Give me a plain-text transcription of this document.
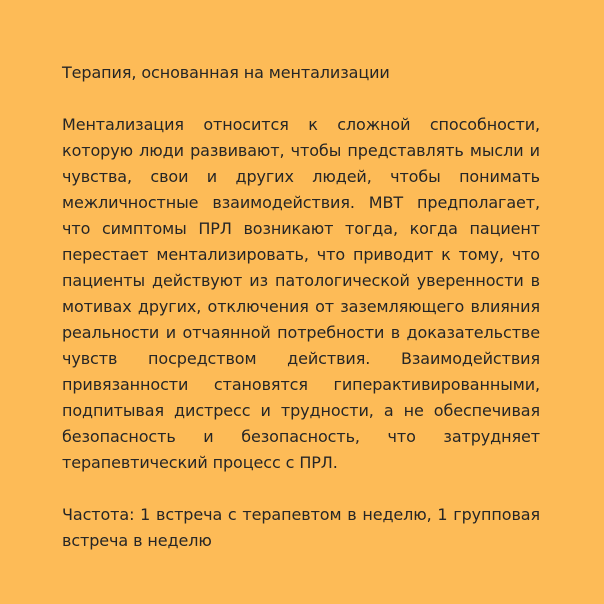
Терапия, основанная на ментализации

Ментализация относится к сложной способности, которую люди развивают, чтобы представлять мысли и чувства, свои и других людей, чтобы понимать межличностные взаимодействия. МВТ предполагает, что симптомы ПРЛ возникают тогда, когда пациент перестает ментализировать, что приводит к тому, что пациенты действуют из патологической уверенности в мотивах других, отключения от заземляющего влияния реальности и отчаянной потребности в доказательстве чувств посредством действия. Взаимодействия привязанности становятся гиперактивированными, подпитывая дистресс и трудности, а не обеспечивая безопасность и безопасность, что затрудняет терапевтический процесс с ПРЛ.

Частота: 1 встреча с терапевтом в неделю, 1 групповая встреча в неделю
